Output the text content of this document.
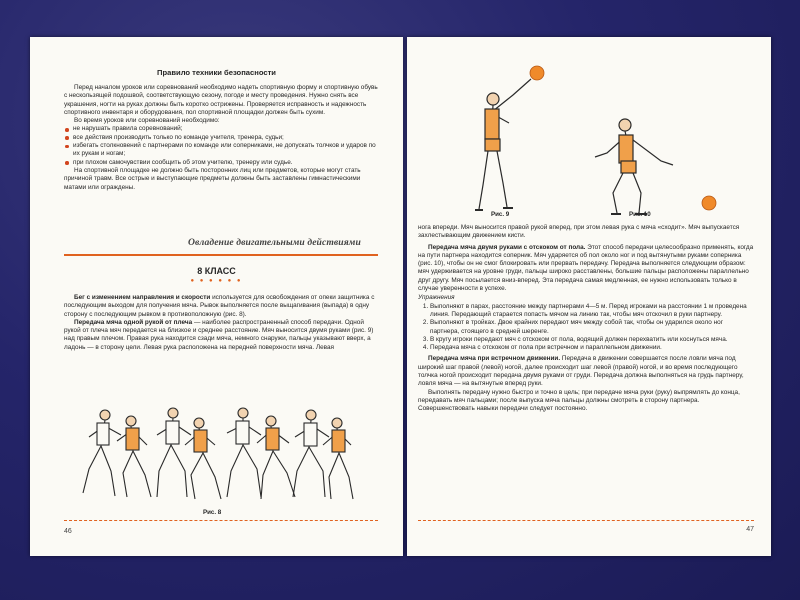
Правило техники безопасности

Перед началом уроков или соревнований необходимо надеть спортивную форму и спортивную обувь с нескользящей подошвой, соответствующую сезону, погоде и месту проведения. Нужно снять все украшения, ногти на руках должны быть коротко острижены. Проверяется исправность и надежность спортивного инвентаря и оборудования, пол спортивной площадки должен быть сухим.

Во время уроков или соревнований необходимо:

не нарушать правила соревнований;
все действия производить только по команде учителя, тренера, судьи;
избегать столкновений с партнерами по команде или соперниками, не допускать толчков и ударов по их рукам и ногам;
при плохом самочувствии сообщить об этом учителю, тренеру или судье.

На спортивной площадке не должно быть посторонних лиц или предметов, которые могут стать причиной травм. Все острые и выступающие предметы должны быть заставлены гимнастическими матами или ограждены.

Овладение двигательными действиями
8 КЛАСС
● ● ● ● ● ●

Бег с изменением направления и скорости используется для освобождения от опеки защитника с последующим выходом для получения мяча. Рывок выполняется после выщагивания (выпада) в одну сторону с последующим рывком в противоположную (рис. 8).

Передача мяча одной рукой от плеча — наиболее распространенный способ передачи. Одной рукой от плеча мяч передается на близкое и среднее расстояние. Мяч выносится двумя руками (рис. 9) над правым плечом. Правая рука находится сзади мяча, немного снаружи, пальцы указывают вверх, а ладонь — в сторону цели. Левая рука расположена на передней поверхности мяча. Левая

Рис. 8
46
Рис. 9	Рис. 10

нога впереди. Мяч выносится правой рукой вперед, при этом левая рука с мяча «сходит». Мяч выпускается захлестывающим движением кисти.

Передача мяча двумя руками с отскоком от пола. Этот способ передачи целесообразно применять, когда на пути партнера находится соперник. Мяч ударяется об пол около ног и под вытянутыми руками соперника (рис. 10), чтобы он не смог блокировать или прервать передачу. Передача выполняется следующим образом: мяч удерживается на уровне груди, пальцы широко расставлены, большие пальцы расположены параллельно друг другу. Мяч посылается вниз-вперед. Эта передача самая медленная, ее нужно использовать только в случае уверенности в успехе.

Упражнения

1. Выполняют в парах, расстояние между партнерами 4—5 м. Перед игроками на расстоянии 1 м проведена линия. Передающий старается попасть мячом на линию так, чтобы мяч отскочил в руки партнеру.
2. Выполняют в тройках. Двое крайних передают мяч между собой так, чтобы он ударился около ног партнера, стоящего в средней шеренге.
3. В кругу игроки передают мяч с отскоком от пола, водящий должен перехватить или коснуться мяча.
4. Передача мяча с отскоком от пола при встречном и параллельном движении.

Передача мяча при встречном движении. Передача в движении совершается после ловли мяча под широкий шаг правой (левой) ногой, далее происходит шаг левой (правой) ногой, и во время последующего толчка ногой происходит передача двумя руками от груди. Передача должна выполняться на грудь партнеру, ловля мяча — на вытянутые вперед руки.

Выполнять передачу нужно быстро и точно в цель; при передаче мяча руки (руку) выпрямлять до конца, передавать мяч пальцами; после выпуска мяча пальцы должны смотреть в сторону партнера. Совершенствовать навыки передачи следует постоянно.

47
